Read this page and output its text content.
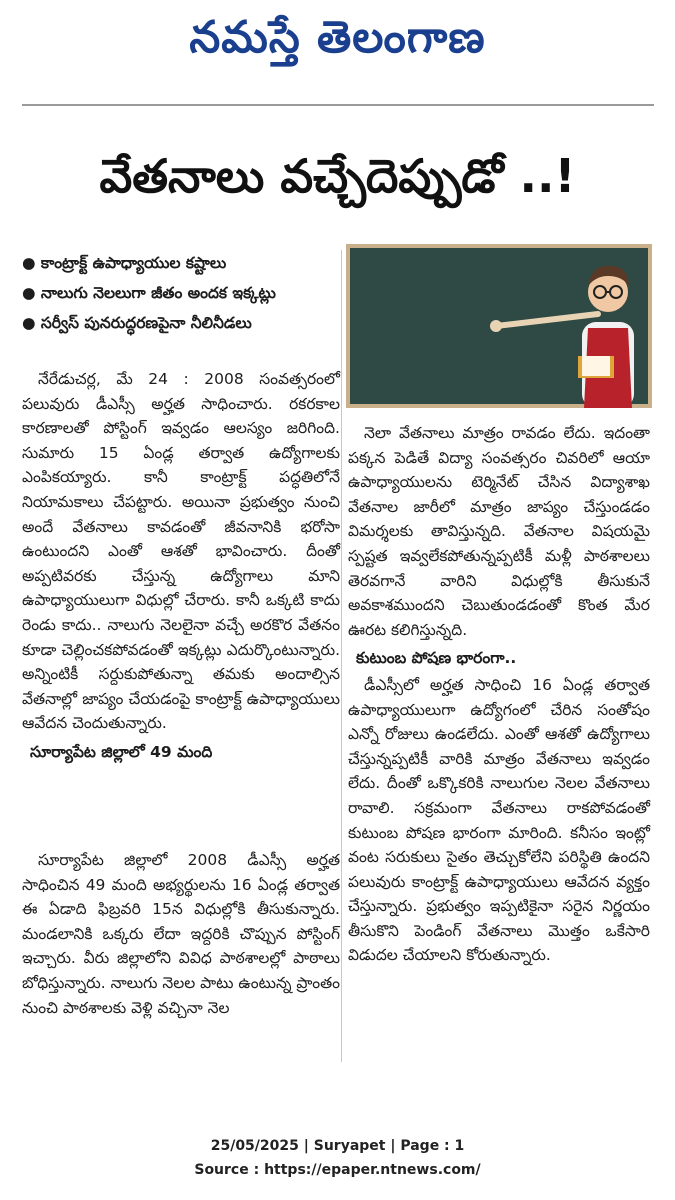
నమస్తే తెలంగాణ
వేతనాలు వచ్చేదెప్పుడో ..!
● కాంట్రాక్ట్ ఉపాధ్యాయుల కష్టాలు
● నాలుగు నెలలుగా జీతం అందక ఇక్కట్లు
● సర్వీస్ పునరుద్ధరణపైనా నీలినీడలు

నేరేడుచర్ల, మే 24 : 2008 సంవత్సరంలో పలువురు డీఎస్సీ అర్హత సాధించారు. రకరకాల కారణాలతో పోస్టింగ్ ఇవ్వడం ఆలస్యం జరిగింది. సుమారు 15 ఏండ్ల తర్వాత ఉద్యోగాలకు ఎంపికయ్యారు. కానీ కాంట్రాక్ట్ పద్ధతిలోనే నియామకాలు చేపట్టారు. అయినా ప్రభుత్వం నుంచి అందే వేతనాలు కావడంతో జీవనానికి భరోసా ఉంటుందని ఎంతో ఆశతో భావించారు. దీంతో అప్పటివరకు చేస్తున్న ఉద్యోగాలు మాని ఉపాధ్యాయులుగా విధుల్లో చేరారు. కానీ ఒక్కటి కాదు రెండు కాదు.. నాలుగు నెలలైనా వచ్చే అరకొర వేతనం కూడా చెల్లించకపోవడంతో ఇక్కట్లు ఎదుర్కొంటున్నారు. అన్నింటికీ సర్దుకుపోతున్నా తమకు అందాల్సిన వేతనాల్లో జాప్యం చేయడంపై కాంట్రాక్ట్ ఉపాధ్యాయులు ఆవేదన చెందుతున్నారు.

సూర్యాపేట జిల్లాలో 49 మంది

సూర్యాపేట జిల్లాలో 2008 డీఎస్సీ అర్హత సాధించిన 49 మంది అభ్యర్థులను 16 ఏండ్ల తర్వాత ఈ ఏడాది ఫిబ్రవరి 15న విధుల్లోకి తీసుకున్నారు. మండలానికి ఒక్కరు లేదా ఇద్దరికి చొప్పున పోస్టింగ్ ఇచ్చారు. వీరు జిల్లాలోని వివిధ పాఠశాలల్లో పాఠాలు బోధిస్తున్నారు. నాలుగు నెలల పాటు ఉంటున్న ప్రాంతం నుంచి పాఠశాలకు వెళ్లి వచ్చినా నెల

నెలా వేతనాలు మాత్రం రావడం లేదు. ఇదంతా పక్కన పెడితే విద్యా సంవత్సరం చివరిలో ఆయా ఉపాధ్యాయులను టెర్మినేట్ చేసిన విద్యాశాఖ వేతనాల జారీలో మాత్రం జాప్యం చేస్తుండడం విమర్శలకు తావిస్తున్నది. వేతనాల విషయమై స్పష్టత ఇవ్వలేకపోతున్నప్పటికీ మళ్లీ పాఠశాలలు తెరవగానే వారిని విధుల్లోకి తీసుకునే అవకాశముందని చెబుతుండడంతో కొంత మేర ఊరట కలిగిస్తున్నది.

కుటుంబ పోషణ భారంగా..

డీఎస్సీలో అర్హత సాధించి 16 ఏండ్ల తర్వాత ఉపాధ్యాయులుగా ఉద్యోగంలో చేరిన సంతోషం ఎన్నో రోజులు ఉండలేదు. ఎంతో ఆశతో ఉద్యోగాలు చేస్తున్నప్పటికీ వారికి మాత్రం వేతనాలు ఇవ్వడం లేదు. దీంతో ఒక్కొకరికి నాలుగుల నెలల వేతనాలు రావాలి. సక్రమంగా వేతనాలు రాకపోవడంతో కుటుంబ పోషణ భారంగా మారింది. కనీసం ఇంట్లో వంట సరుకులు సైతం తెచ్చుకోలేని పరిస్థితి ఉందని పలువురు కాంట్రాక్ట్ ఉపాధ్యాయులు ఆవేదన వ్యక్తం చేస్తున్నారు. ప్రభుత్వం ఇప్పటికైనా సరైన నిర్ణయం తీసుకొని పెండింగ్ వేతనాలు మొత్తం ఒకేసారి విడుదల చేయాలని కోరుతున్నారు.

25/05/2025 | Suryapet | Page : 1
Source : https://epaper.ntnews.com/
